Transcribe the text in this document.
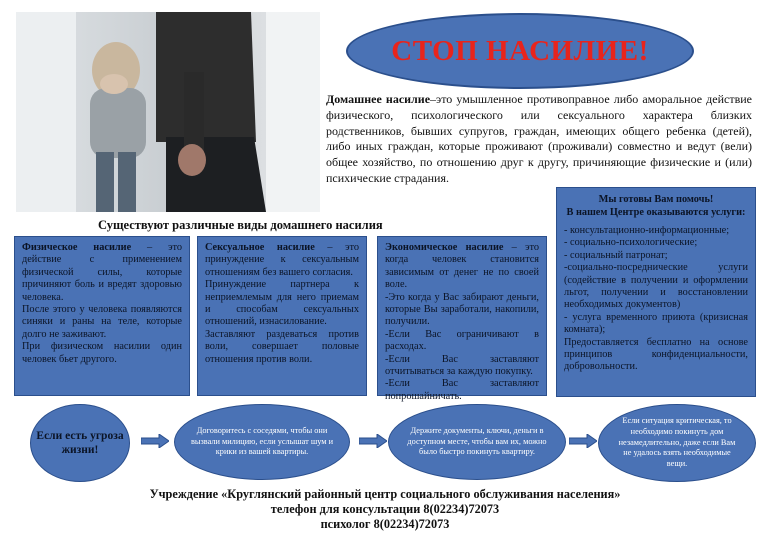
СТОП НАСИЛИЕ!
Домашнее насилие–это умышленное противоправное либо аморальное действие физического, психологического или сексуального характера близких родственников, бывших супругов, граждан, имеющих общего ребенка (детей), либо иных граждан, которые проживают (проживали) совместно и ведут (вели) общее хозяйство, по отношению друг к другу, причиняющие физические и (или) психические страдания.
Существуют различные виды домашнего насилия

Физическое насилие – это действие с применением физической силы, которые причиняют боль и вредят здоровью человека.

После этого у человека появляются синяки и раны на теле, которые долго не заживают.

При физическом насилии один человек бьет другого.

Сексуальное насилие – это принуждение к сексуальным отношениям без вашего согласия.

Принуждение партнера к неприемлемым для него приемам и способам сексуальных отношений, изнасилование.

Заставляют раздеваться против воли, совершает половые отношения против воли.

Экономическое насилие – это когда человек становится зависимым от денег не по своей воле.

-Это когда у Вас забирают деньги, которые Вы заработали, накопили, получили.

-Если Вас ограничивают в расходах.

-Если Вас заставляют отчитываться за каждую покупку.

-Если Вас заставляют попрошайничать.

Мы готовы Вам помочь!
В нашем Центре оказываются услуги:

- консультационно-информационные;

- социально-психологические;

- социальный патронат;

-социально-посреднические услуги (содействие в получении и оформлении льгот, получении и восстановлении необходимых документов)

- услуга временного приюта (кризисная комната);

Предоставляется бесплатно на основе принципов конфиденциальности, добровольности.

Если есть угроза жизни!
Договоритесь с соседями, чтобы они вызвали милицию, если услышат шум и крики из вашей квартиры.
Держите документы, ключи, деньги в доступном месте, чтобы вам их, можно было быстро покинуть квартиру.
Если ситуация критическая, то необходимо покинуть дом незамедлительно, даже если Вам не удалось взять необходимые вещи.
Учреждение «Круглянский районный центр социального обслуживания населения»
телефон для консультации 8(02234)72073
психолог 8(02234)72073
